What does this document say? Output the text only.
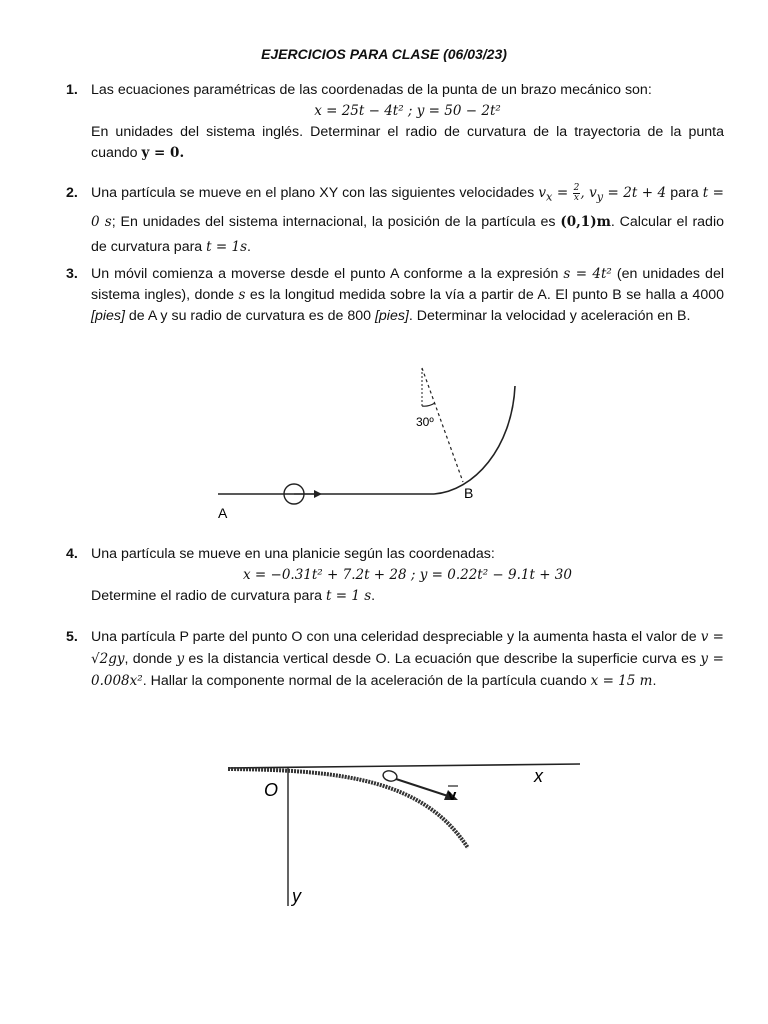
EJERCICIOS PARA CLASE (06/03/23)
1. Las ecuaciones paramétricas de las coordenadas de la punta de un brazo mecánico son:
x = 25t − 4t² ; y = 50 − 2t²
En unidades del sistema inglés. Determinar el radio de curvatura de la trayectoria de la punta cuando y = 0.
2. Una partícula se mueve en el plano XY con las siguientes velocidades $v_x = \frac{2}{x}$ , $v_y = 2t + 4$ para t = 0 s; En unidades del sistema internacional, la posición de la partícula es (0,1)m. Calcular el radio de curvatura para t = 1s.
3. Un móvil comienza a moverse desde el punto A conforme a la expresión s = 4t² (en unidades del sistema ingles), donde s es la longitud medida sobre la vía a partir de A. El punto B se halla a 4000 [pies] de A y su radio de curvatura es de 800 [pies]. Determinar la velocidad y aceleración en B.
30º
A
B
4. Una partícula se mueve en una planicie según las coordenadas:
x = −0.31t² + 7.2t + 28 ; y = 0.22t² − 9.1t + 30
Determine el radio de curvatura para t = 1 s.
5. Una partícula P parte del punto O con una celeridad despreciable y la aumenta hasta el valor de v = √2gy, donde y es la distancia vertical desde O. La ecuación que describe la superficie curva es y = 0.008x². Hallar la componente normal de la aceleración de la partícula cuando x = 15 m.
O
x
y
v
